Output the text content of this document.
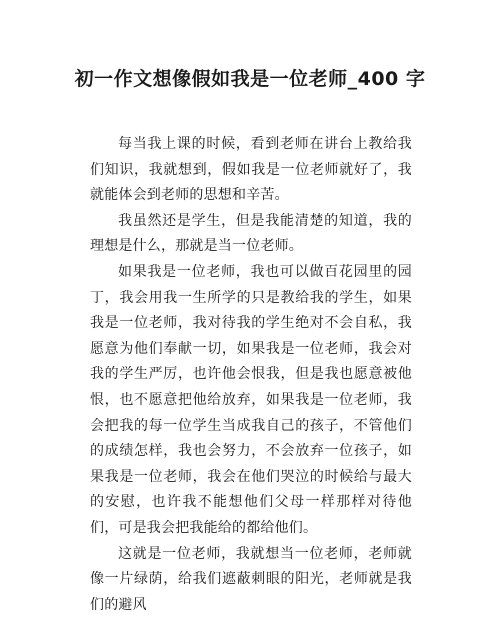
初一作文想像假如我是一位老师_400 字

每当我上课的时候，看到老师在讲台上教给我们知识，我就想到，假如我是一位老师就好了，我就能体会到老师的思想和辛苦。

我虽然还是学生，但是我能清楚的知道，我的理想是什么，那就是当一位老师。

如果我是一位老师，我也可以做百花园里的园丁，我会用我一生所学的只是教给我的学生，如果我是一位老师，我对待我的学生绝对不会自私，我愿意为他们奉献一切，如果我是一位老师，我会对我的学生严厉，也许他会恨我，但是我也愿意被他恨，也不愿意把他给放弃，如果我是一位老师，我会把我的每一位学生当成我自己的孩子，不管他们的成绩怎样，我也会努力，不会放弃一位孩子，如果我是一位老师，我会在他们哭泣的时候给与最大的安慰，也许我不能想他们父母一样那样对待他们，可是我会把我能给的都给他们。

这就是一位老师，我就想当一位老师，老师就像一片绿荫，给我们遮蔽刺眼的阳光，老师就是我们的避风
